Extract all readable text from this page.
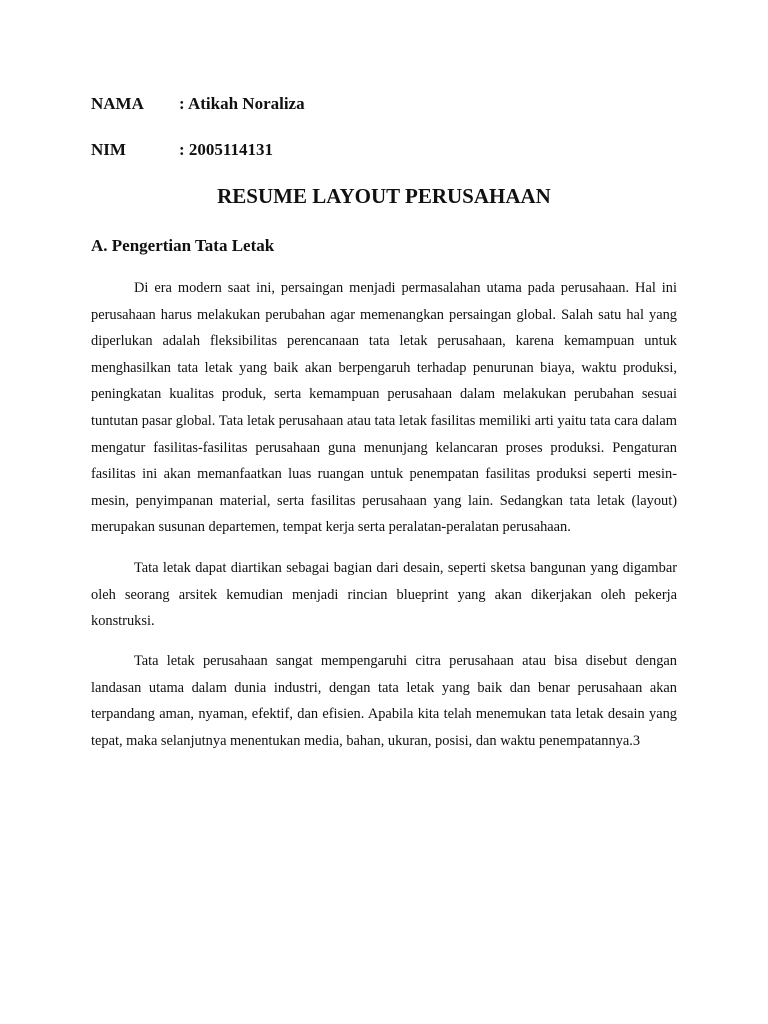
NAMA : Atikah Noraliza
NIM	: 2005114131
RESUME LAYOUT PERUSAHAAN
A. Pengertian Tata Letak

Di era modern saat ini, persaingan menjadi permasalahan utama pada perusahaan. Hal ini perusahaan harus melakukan perubahan agar memenangkan persaingan global. Salah satu hal yang diperlukan adalah fleksibilitas perencanaan tata letak perusahaan, karena kemampuan untuk menghasilkan tata letak yang baik akan berpengaruh terhadap penurunan biaya, waktu produksi, peningkatan kualitas produk, serta kemampuan perusahaan dalam melakukan perubahan sesuai tuntutan pasar global. Tata letak perusahaan atau tata letak fasilitas memiliki arti yaitu tata cara dalam mengatur fasilitas-fasilitas perusahaan guna menunjang kelancaran proses produksi. Pengaturan fasilitas ini akan memanfaatkan luas ruangan untuk penempatan fasilitas produksi seperti mesin-mesin, penyimpanan material, serta fasilitas perusahaan yang lain. Sedangkan tata letak (layout) merupakan susunan departemen, tempat kerja serta peralatan-peralatan perusahaan.

Tata letak dapat diartikan sebagai bagian dari desain, seperti sketsa bangunan yang digambar oleh seorang arsitek kemudian menjadi rincian blueprint yang akan dikerjakan oleh pekerja konstruksi.

Tata letak perusahaan sangat mempengaruhi citra perusahaan atau bisa disebut dengan landasan utama dalam dunia industri, dengan tata letak yang baik dan benar perusahaan akan terpandang aman, nyaman, efektif, dan efisien. Apabila kita telah menemukan tata letak desain yang tepat, maka selanjutnya menentukan media, bahan, ukuran, posisi, dan waktu penempatannya.3
